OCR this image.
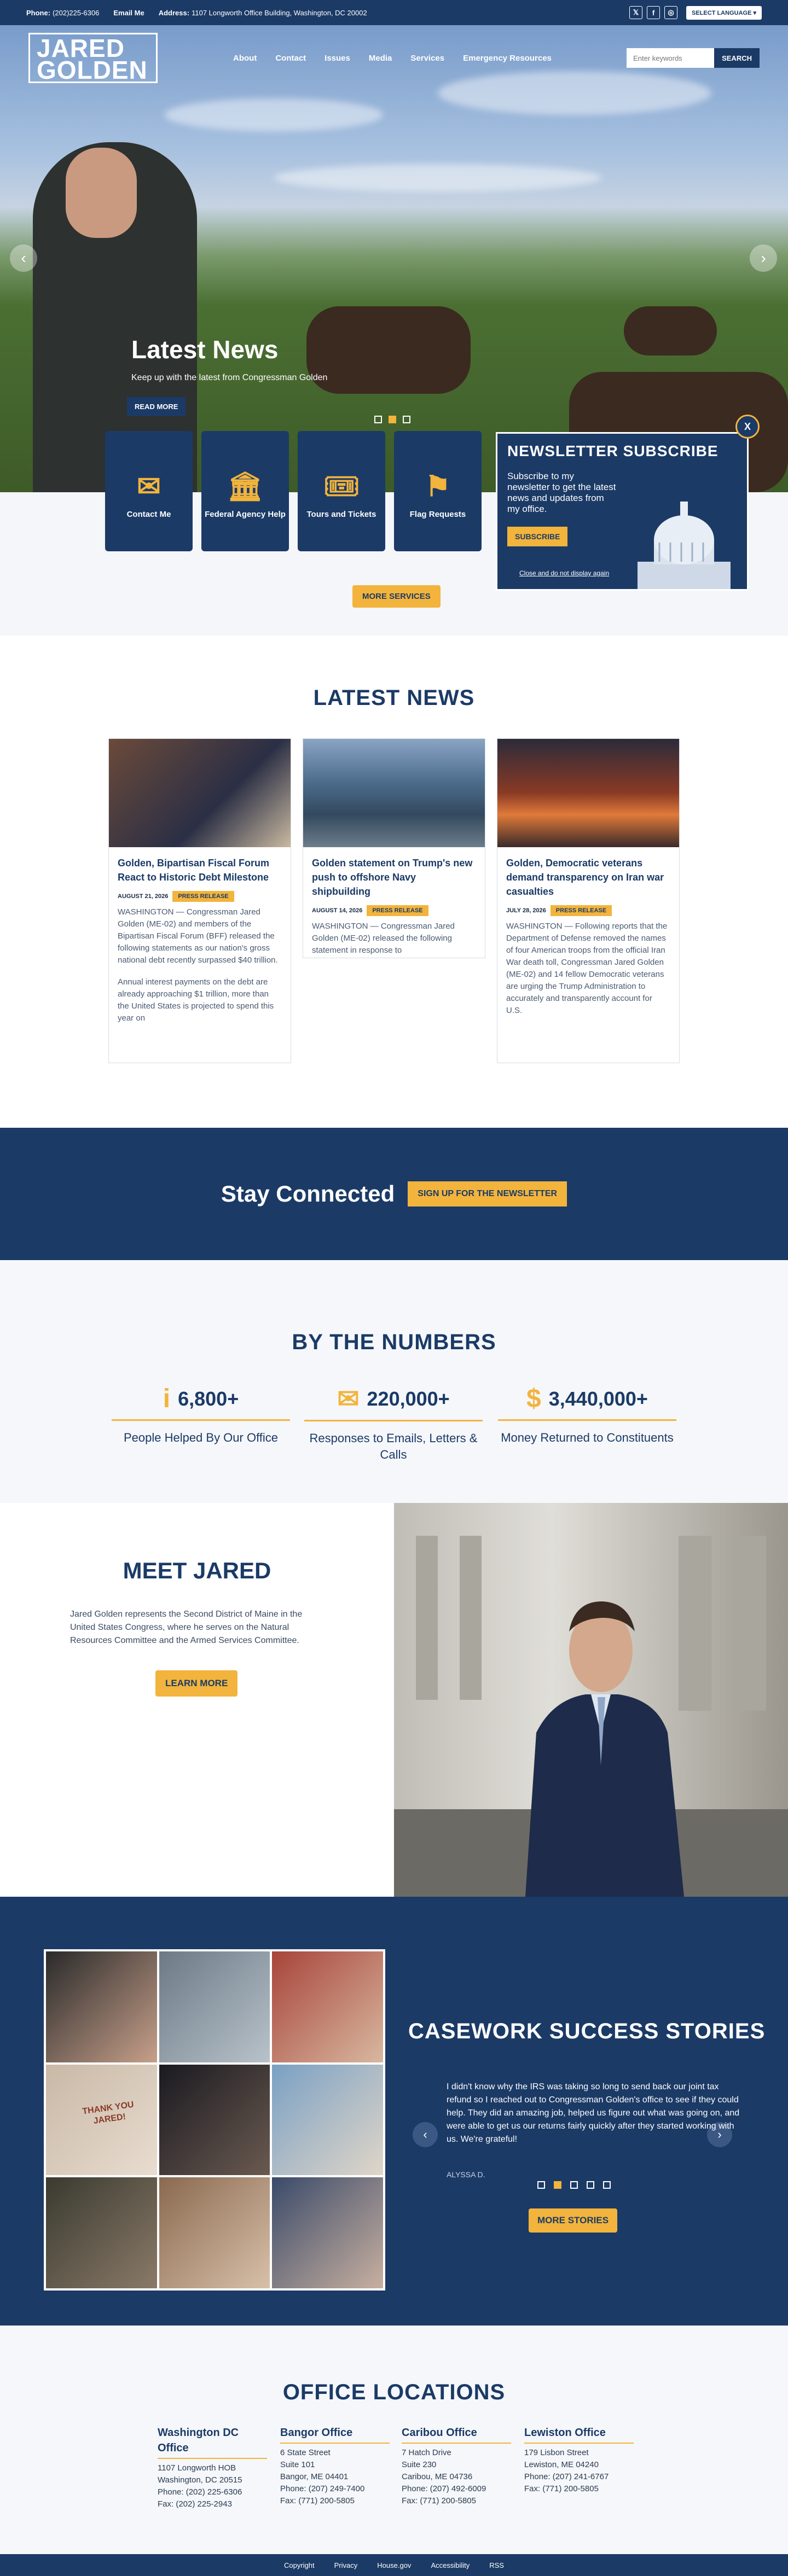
Phone: (202)225-6306 Email Me Address: 1107 Longworth Office Building, Washington, DC 20002	𝕏	f	◎	SELECT LANGUAGE ▾
JARED
GOLDEN	About Contact Issues Media Services Emergency Resources
Enter keywords	SEARCH
‹	›
Latest News

Keep up with the latest from Congressman Golden

READ MORE
✉
Contact Me
🏛
Federal Agency Help
🎟
Tours and Tickets
⚑
Flag Requests
NEWSLETTER SUBSCRIBE

Subscribe to my newsletter to get the latest news and updates from my office.

SUBSCRIBE
Close and do not display again
X
MORE SERVICES
LATEST NEWS
Golden, Bipartisan Fiscal Forum React to Historic Debt Milestone
AUGUST 21, 2026	PRESS RELEASE

WASHINGTON — Congressman Jared Golden (ME-02) and members of the Bipartisan Fiscal Forum (BFF) released the following statements as our nation's gross national debt recently surpassed $40 trillion.

Annual interest payments on the debt are already approaching $1 trillion, more than the United States is projected to spend this year on

Golden statement on Trump's new push to offshore Navy shipbuilding
AUGUST 14, 2026	PRESS RELEASE

WASHINGTON — Congressman Jared Golden (ME-02) released the following statement in response to

Golden, Democratic veterans demand transparency on Iran war casualties
JULY 28, 2026	PRESS RELEASE

WASHINGTON — Following reports that the Department of Defense removed the names of four American troops from the official Iran War death toll, Congressman Jared Golden (ME-02) and 14 fellow Democratic veterans are urging the Trump Administration to accurately and transparently account for U.S.

Stay Connected	SIGN UP FOR THE NEWSLETTER
BY THE NUMBERS
i 6,800+
People Helped By Our Office
✉ 220,000+
Responses to Emails, Letters & Calls
$ 3,440,000+
Money Returned to Constituents
MEET JARED

Jared Golden represents the Second District of Maine in the United States Congress, where he serves on the Natural Resources Committee and the Armed Services Committee.

LEARN MORE
THANK YOU JARED!
CASEWORK SUCCESS STORIES
‹	›
I didn't know why the IRS was taking so long to send back our joint tax refund so I reached out to Congressman Golden's office to see if they could help. They did an amazing job, helped us figure out what was going on, and were able to get us our returns fairly quickly after they started working with us. We're grateful!
ALYSSA D.
MORE STORIES
OFFICE LOCATIONS
Washington DC Office
1107 Longworth HOB
Washington, DC 20515
Phone: (202) 225-6306
Fax: (202) 225-2943
Bangor Office
6 State Street
Suite 101
Bangor, ME 04401
Phone: (207) 249-7400
Fax: (771) 200-5805
Caribou Office
7 Hatch Drive
Suite 230
Caribou, ME 04736
Phone: (207) 492-6009
Fax: (771) 200-5805
Lewiston Office
179 Lisbon Street
Lewiston, ME 04240
Phone: (207) 241-6767
Fax: (771) 200-5805
Copyright	Privacy	House.gov	Accessibility	RSS
